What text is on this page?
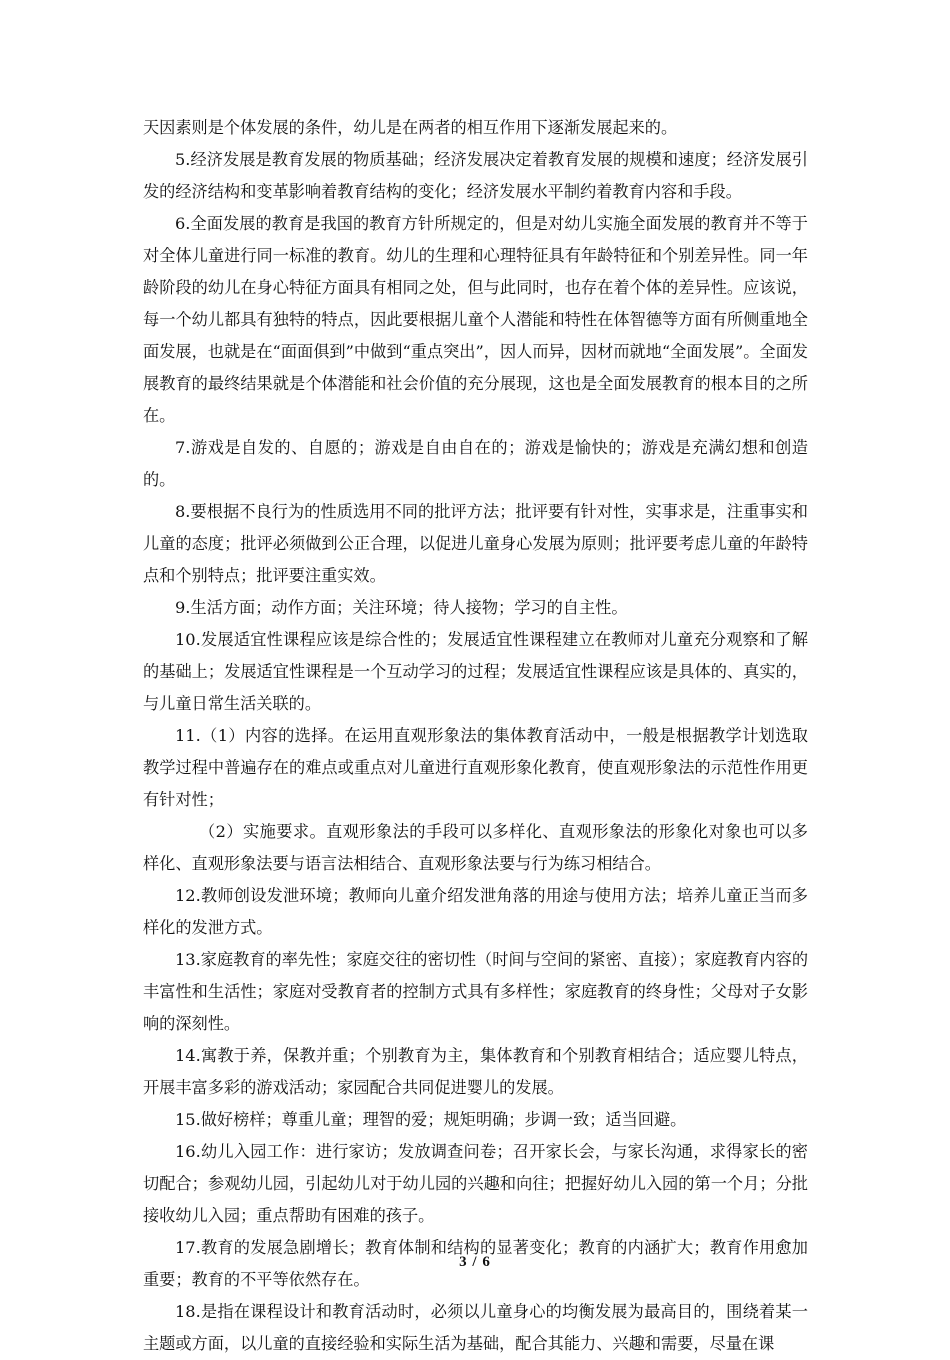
天因素则是个体发展的条件，幼儿是在两者的相互作用下逐渐发展起来的。

5.经济发展是教育发展的物质基础；经济发展决定着教育发展的规模和速度；经济发展引发的经济结构和变革影响着教育结构的变化；经济发展水平制约着教育内容和手段。

6.全面发展的教育是我国的教育方针所规定的，但是对幼儿实施全面发展的教育并不等于对全体儿童进行同一标准的教育。幼儿的生理和心理特征具有年龄特征和个别差异性。同一年龄阶段的幼儿在身心特征方面具有相同之处，但与此同时，也存在着个体的差异性。应该说，每一个幼儿都具有独特的特点，因此要根据儿童个人潜能和特性在体智德等方面有所侧重地全面发展，也就是在“面面俱到”中做到“重点突出”，因人而异，因材而就地“全面发展”。全面发展教育的最终结果就是个体潜能和社会价值的充分展现，这也是全面发展教育的根本目的之所在。

7.游戏是自发的、自愿的；游戏是自由自在的；游戏是愉快的；游戏是充满幻想和创造的。

8.要根据不良行为的性质选用不同的批评方法；批评要有针对性，实事求是，注重事实和儿童的态度；批评必须做到公正合理，以促进儿童身心发展为原则；批评要考虑儿童的年龄特点和个别特点；批评要注重实效。

9.生活方面；动作方面；关注环境；待人接物；学习的自主性。

10.发展适宜性课程应该是综合性的；发展适宜性课程建立在教师对儿童充分观察和了解的基础上；发展适宜性课程是一个互动学习的过程；发展适宜性课程应该是具体的、真实的，与儿童日常生活关联的。

11.（1）内容的选择。在运用直观形象法的集体教育活动中，一般是根据教学计划选取教学过程中普遍存在的难点或重点对儿童进行直观形象化教育，使直观形象法的示范性作用更有针对性；

（2）实施要求。直观形象法的手段可以多样化、直观形象法的形象化对象也可以多样化、直观形象法要与语言法相结合、直观形象法要与行为练习相结合。

12.教师创设发泄环境；教师向儿童介绍发泄角落的用途与使用方法；培养儿童正当而多样化的发泄方式。

13.家庭教育的率先性；家庭交往的密切性（时间与空间的紧密、直接）；家庭教育内容的丰富性和生活性；家庭对受教育者的控制方式具有多样性；家庭教育的终身性；父母对子女影响的深刻性。

14.寓教于养，保教并重；个别教育为主，集体教育和个别教育相结合；适应婴儿特点，开展丰富多彩的游戏活动；家园配合共同促进婴儿的发展。

15.做好榜样；尊重儿童；理智的爱；规矩明确；步调一致；适当回避。

16.幼儿入园工作：进行家访；发放调查问卷；召开家长会，与家长沟通，求得家长的密切配合；参观幼儿园，引起幼儿对于幼儿园的兴趣和向往；把握好幼儿入园的第一个月；分批接收幼儿入园；重点帮助有困难的孩子。

17.教育的发展急剧增长；教育体制和结构的显著变化；教育的内涵扩大；教育作用愈加重要；教育的不平等依然存在。

18.是指在课程设计和教育活动时，必须以儿童身心的均衡发展为最高目的，围绕着某一主题或方面，以儿童的直接经验和实际生活为基础，配合其能力、兴趣和需要，尽量在课

3 / 6
